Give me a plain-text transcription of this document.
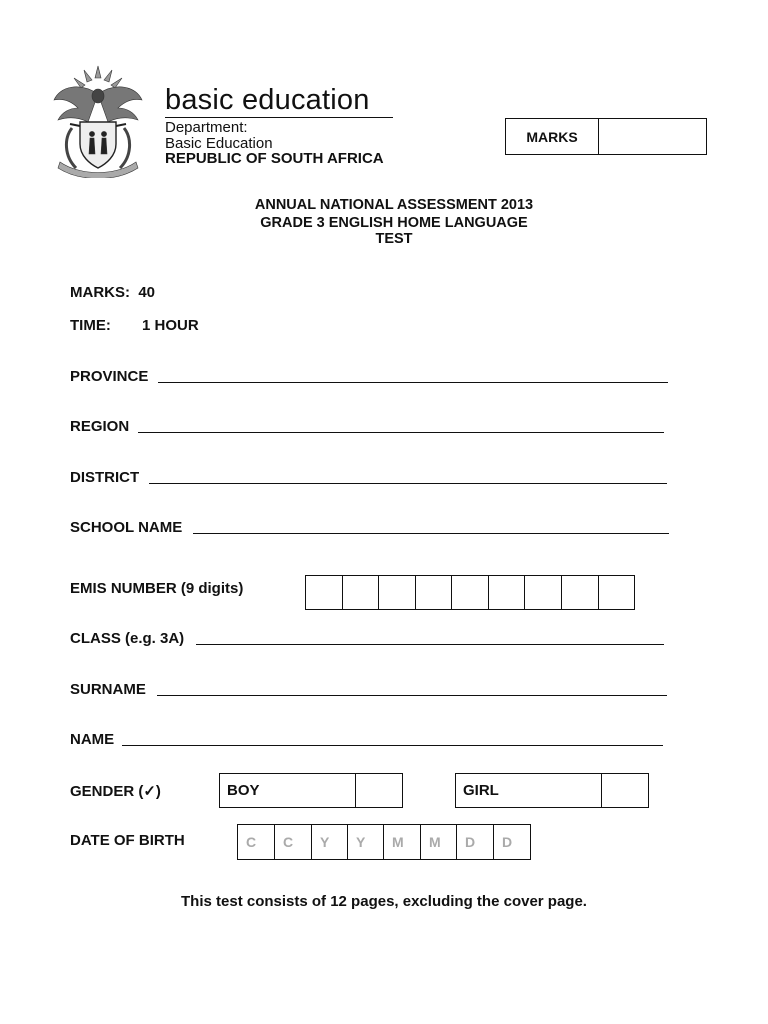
basic education
Department:
Basic Education
REPUBLIC OF SOUTH AFRICA
MARKS
ANNUAL NATIONAL ASSESSMENT 2013
GRADE 3 ENGLISH HOME LANGUAGE
TEST
MARKS: 40
TIME: 1 HOUR
PROVINCE
REGION
DISTRICT
SCHOOL NAME
EMIS NUMBER (9 digits)
CLASS (e.g. 3A)
SURNAME
NAME
GENDER (✓)	BOY	GIRL
DATE OF BIRTH	C	C	Y	Y	M	M	D	D
This test consists of 12 pages, excluding the cover page.
